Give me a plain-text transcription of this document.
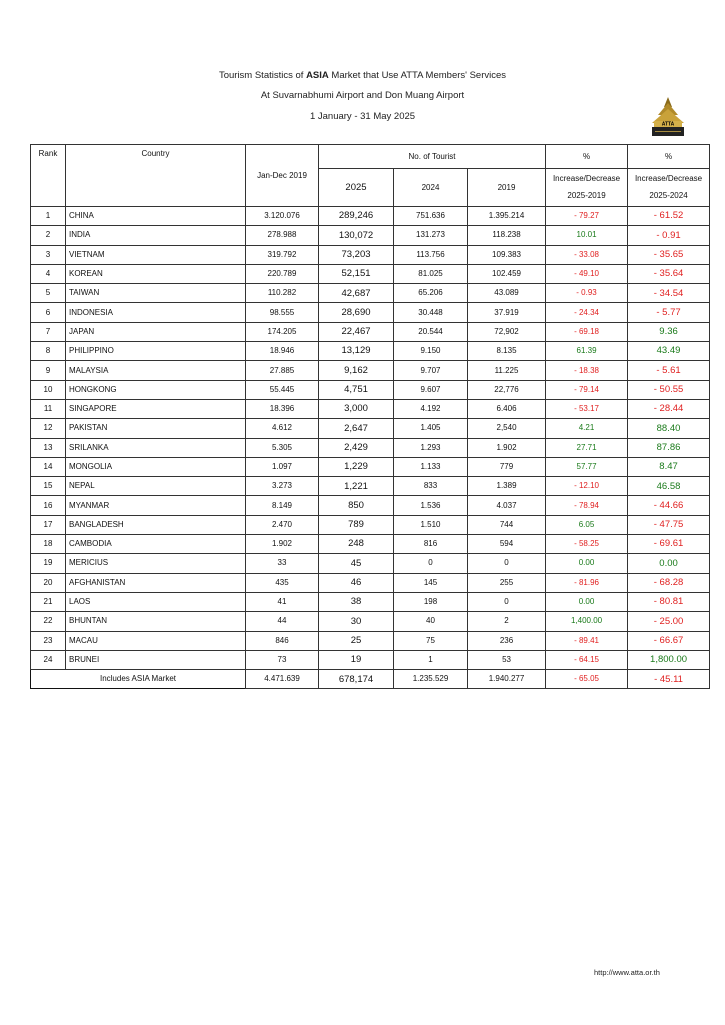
Tourism Statistics of ASIA Market that Use ATTA Members' Services
At Suvarnabhumi Airport and Don Muang Airport
1 January - 31 May 2025
ATTA
Rank	Country	Jan-Dec 2019	No. of Tourist			%	%
			2025	2024	2019	Increase/Decrease
2025-2019	Increase/Decrease
2025-2024

1	CHINA	3.120.076	289,246	751.636	1.395.214	- 79.27	- 61.52
2	INDIA	278.988	130,072	131.273	118.238	10.01	- 0.91
3	VIETNAM	319.792	73,203	113.756	109.383	- 33.08	- 35.65
4	KOREAN	220.789	52,151	81.025	102.459	- 49.10	- 35.64
5	TAIWAN	110.282	42,687	65.206	43.089	- 0.93	- 34.54
6	INDONESIA	98.555	28,690	30.448	37.919	- 24.34	- 5.77
7	JAPAN	174.205	22,467	20.544	72,902	- 69.18	9.36
8	PHILIPPINO	18.946	13,129	9.150	8.135	61.39	43.49
9	MALAYSIA	27.885	9,162	9.707	11.225	- 18.38	- 5.61
10	HONGKONG	55.445	4,751	9.607	22,776	- 79.14	- 50.55
11	SINGAPORE	18.396	3,000	4.192	6.406	- 53.17	- 28.44
12	PAKISTAN	4.612	2,647	1.405	2,540	4.21	88.40
13	SRILANKA	5.305	2,429	1.293	1.902	27.71	87.86
14	MONGOLIA	1.097	1,229	1.133	779	57.77	8.47
15	NEPAL	3.273	1,221	833	1.389	- 12.10	46.58
16	MYANMAR	8.149	850	1.536	4.037	- 78.94	- 44.66
17	BANGLADESH	2.470	789	1.510	744	6.05	- 47.75
18	CAMBODIA	1.902	248	816	594	- 58.25	- 69.61
19	MERICIUS	33	45	0	0	0.00	0.00
20	AFGHANISTAN	435	46	145	255	- 81.96	- 68.28
21	LAOS	41	38	198	0	0.00	- 80.81
22	BHUNTAN	44	30	40	2	1,400.00	- 25.00
23	MACAU	846	25	75	236	- 89.41	- 66.67
24	BRUNEI	73	19	1	53	- 64.15	1,800.00
Includes ASIA Market		4.471.639	678,174	1.235.529	1.940.277	- 65.05	- 45.11
http://www.atta.or.th
